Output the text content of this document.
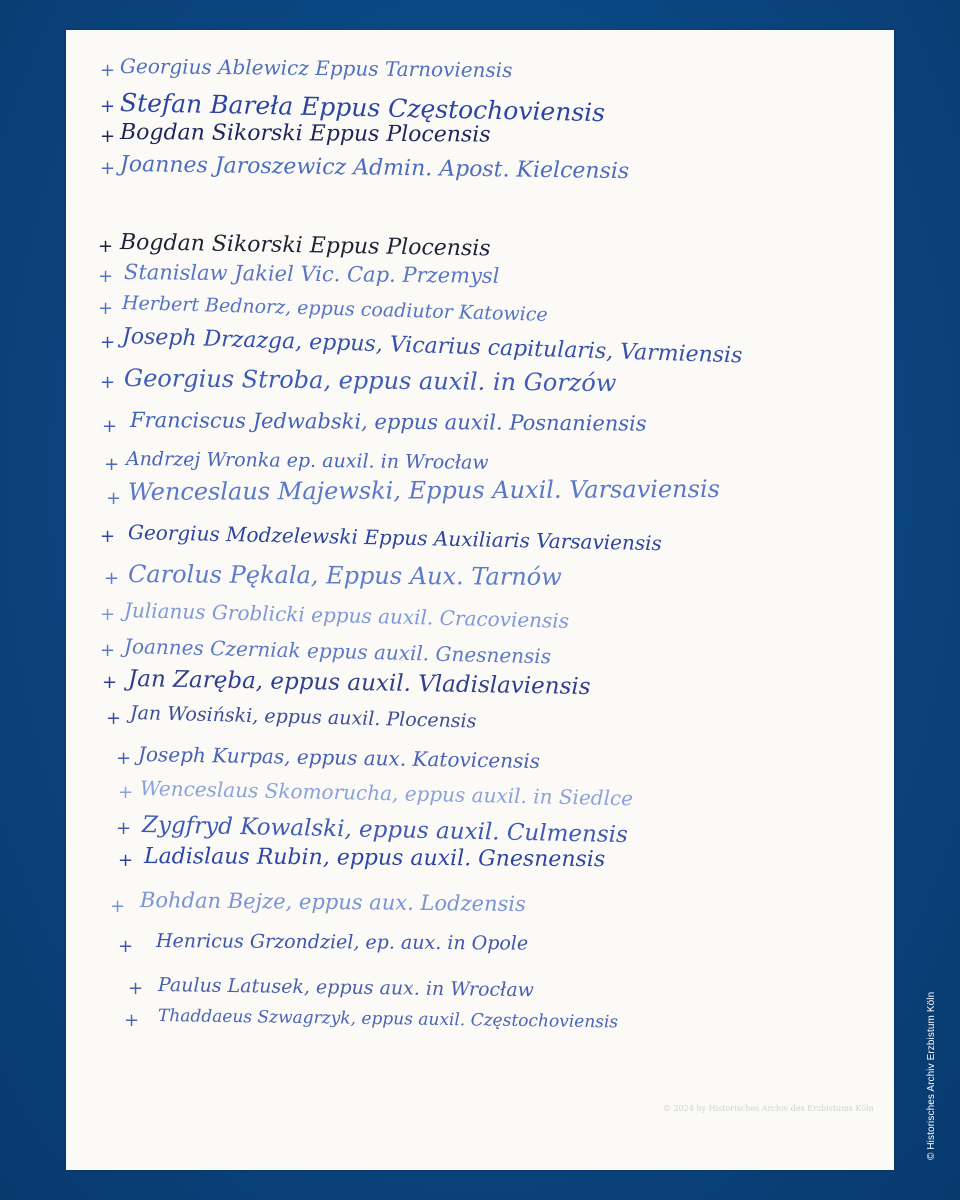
+ Georgius Ablewicz Eppus Tarnoviensis
+ Stefan Bareła Eppus Częstochoviensis
+ Bogdan Sikorski Eppus Plocensis
+ Joannes Jaroszewicz Admin. Apost. Kielcensis
+ Bogdan Sikorski Eppus Plocensis
+ Stanislaw Jakiel Vic. Cap. Przemysl
+ Herbert Bednorz, eppus coadiutor Katowice
+ Joseph Drzazga, eppus, Vicarius capitularis, Varmiensis
+ Georgius Stroba, eppus auxil. in Gorzów
+ Franciscus Jedwabski, eppus auxil. Posnaniensis
+ Andrzej Wronka ep. auxil. in Wrocław
+ Wenceslaus Majewski, Eppus Auxil. Varsaviensis
+ Georgius Modzelewski Eppus Auxiliaris Varsaviensis
+ Carolus Pękala, Eppus Aux. Tarnów
+ Julianus Groblicki eppus auxil. Cracoviensis
+ Joannes Czerniak eppus auxil. Gnesnensis
+ Jan Zaręba, eppus auxil. Vladislaviensis
+ Jan Wosiński, eppus auxil. Plocensis
+ Joseph Kurpas, eppus aux. Katovicensis
+ Wenceslaus Skomorucha, eppus auxil. in Siedlce
+ Zygfryd Kowalski, eppus auxil. Culmensis
+ Ladislaus Rubin, eppus auxil. Gnesnensis
+ Bohdan Bejze, eppus aux. Lodzensis
+ Henricus Grzondziel, ep. aux. in Opole
+ Paulus Latusek, eppus aux. in Wrocław
+ Thaddaeus Szwagrzyk, eppus auxil. Częstochoviensis
© 2024 by Historisches Archiv des Erzbistums Köln	© Historisches Archiv Erzbistum Köln
